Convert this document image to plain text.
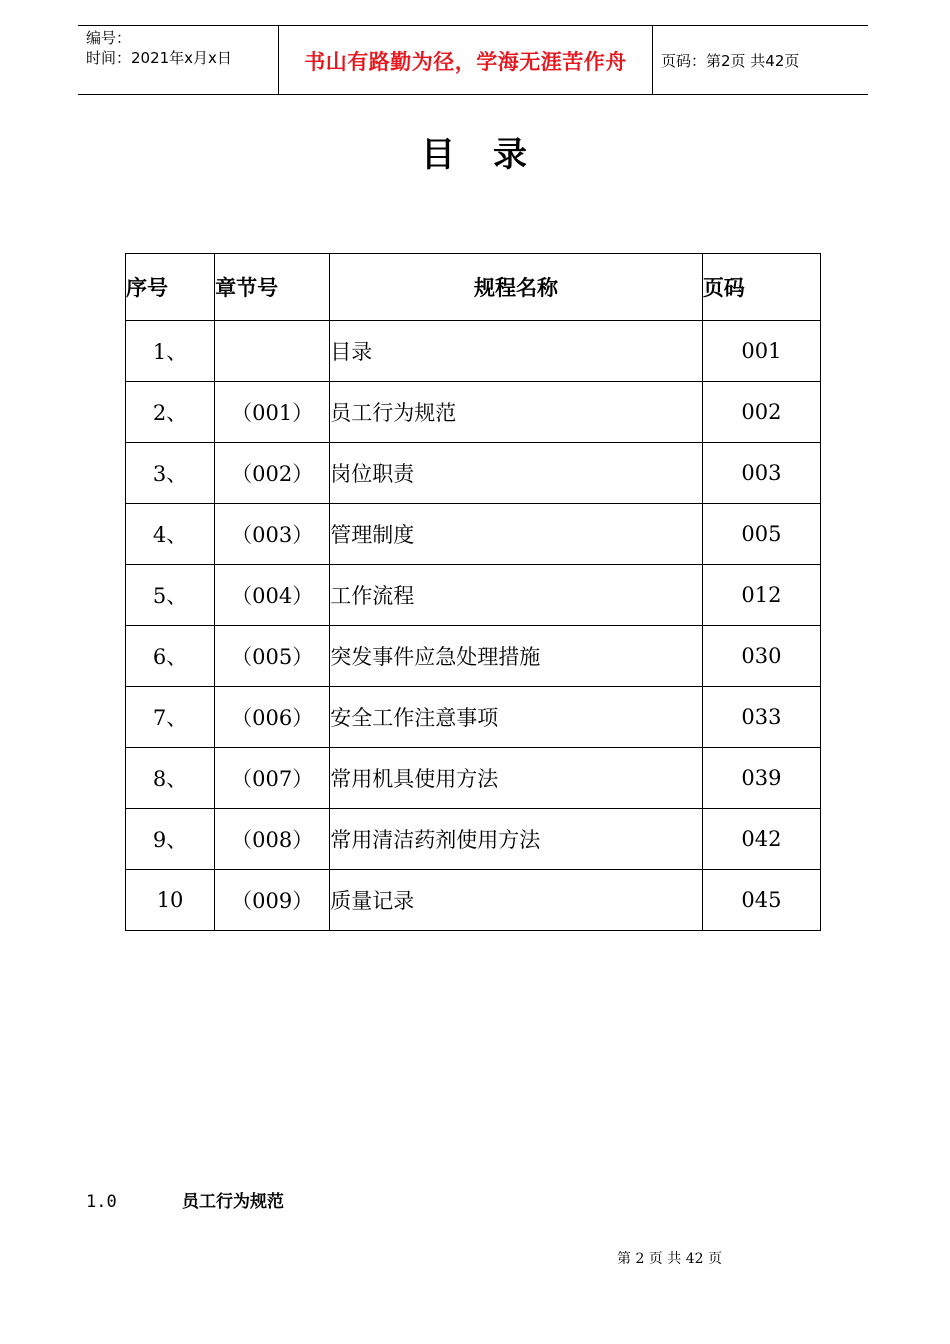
编号：
时间：2021年x月x日	书山有路勤为径，学海无涯苦作舟	页码：第2页 共42页
目　录
序号	章节号	规程名称	页码
1、		目录	001
2、	（001）	员工行为规范	002
3、	（002）	岗位职责	003
4、	（003）	管理制度	005
5、	（004）	工作流程	012
6、	（005）	突发事件应急处理措施	030
7、	（006）	安全工作注意事项	033
8、	（007）	常用机具使用方法	039
9、	（008）	常用清洁药剂使用方法	042
10	（009）	质量记录	045
1.0	员工行为规范
第 2 页 共 42 页
